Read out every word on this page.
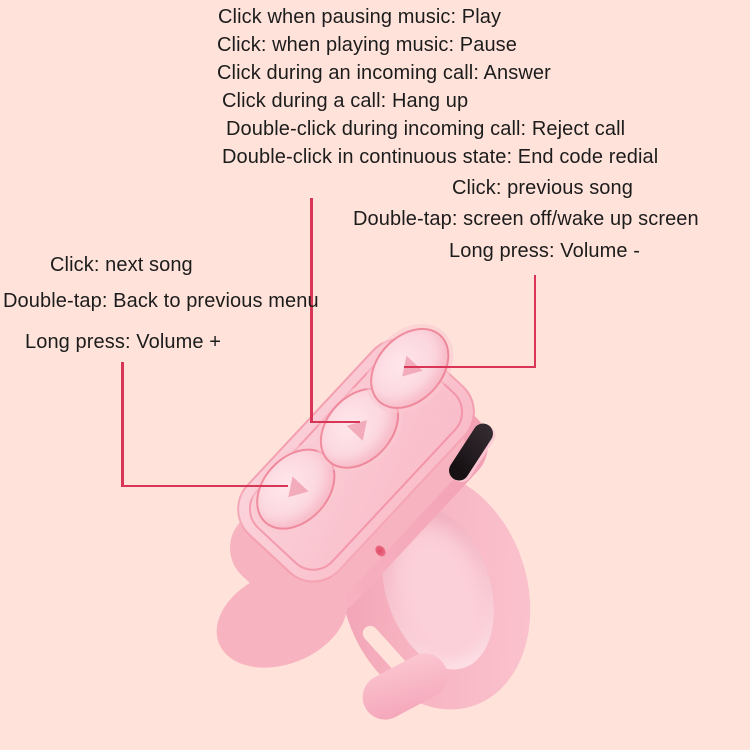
Click when pausing music: Play
Click: when playing music: Pause
Click during an incoming call: Answer
Click during a call: Hang up
Double-click during incoming call: Reject call
Double-click in continuous state: End code redial
Click: previous song
Double-tap: screen off/wake up screen
Long press: Volume -
Click: next song
Double-tap: Back to previous menu
Long press: Volume +
